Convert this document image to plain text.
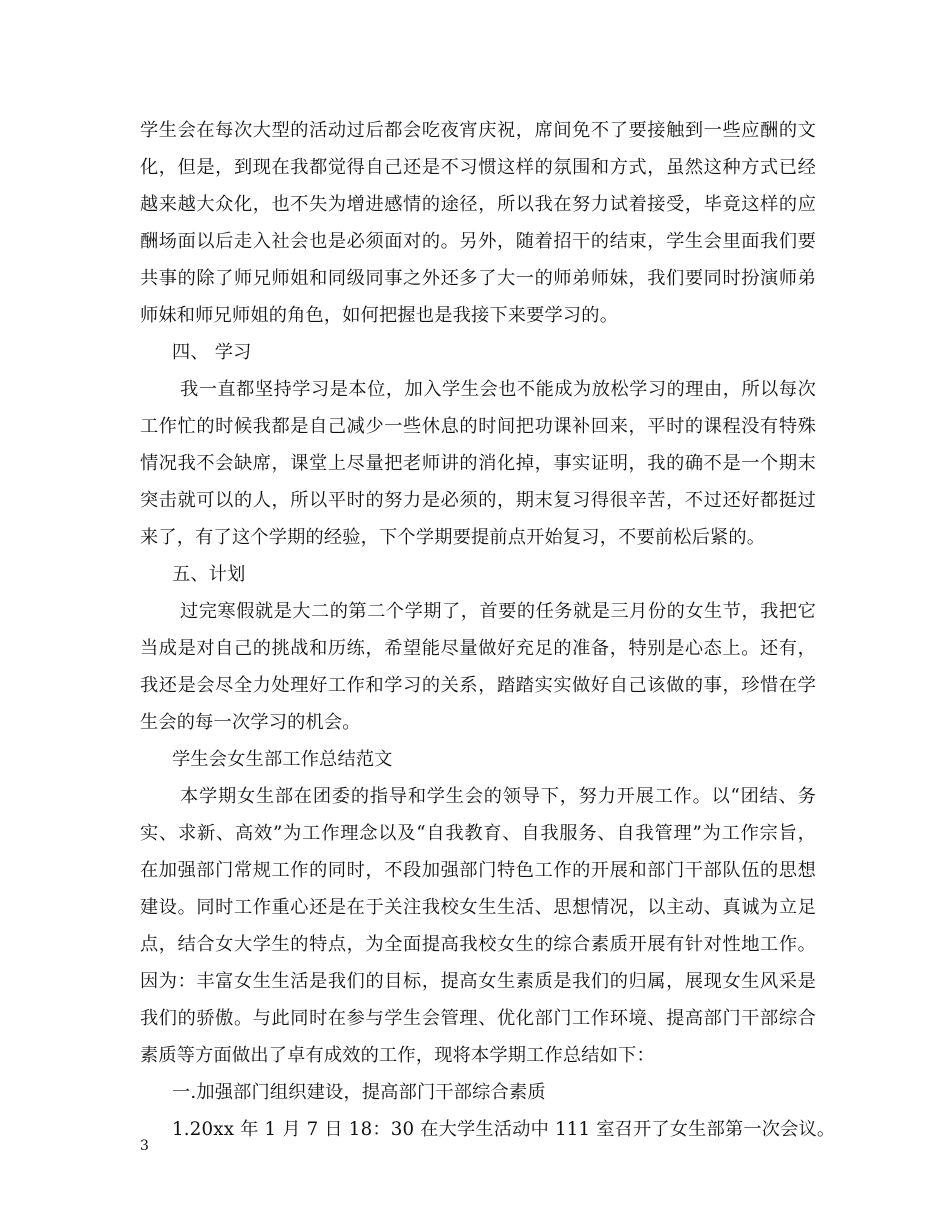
学生会在每次大型的活动过后都会吃夜宵庆祝，席间免不了要接触到一些应酬的文
化，但是，到现在我都觉得自己还是不习惯这样的氛围和方式，虽然这种方式已经
越来越大众化，也不失为增进感情的途径，所以我在努力试着接受，毕竟这样的应
酬场面以后走入社会也是必须面对的。另外，随着招干的结束，学生会里面我们要
共事的除了师兄师姐和同级同事之外还多了大一的师弟师妹，我们要同时扮演师弟
师妹和师兄师姐的角色，如何把握也是我接下来要学习的。
四、 学习
我一直都坚持学习是本位，加入学生会也不能成为放松学习的理由，所以每次
工作忙的时候我都是自己减少一些休息的时间把功课补回来，平时的课程没有特殊
情况我不会缺席，课堂上尽量把老师讲的消化掉，事实证明，我的确不是一个期末
突击就可以的人，所以平时的努力是必须的，期末复习得很辛苦，不过还好都挺过
来了，有了这个学期的经验，下个学期要提前点开始复习，不要前松后紧的。
五、计划
过完寒假就是大二的第二个学期了，首要的任务就是三月份的女生节，我把它
当成是对自己的挑战和历练，希望能尽量做好充足的准备，特别是心态上。还有，
我还是会尽全力处理好工作和学习的关系，踏踏实实做好自己该做的事，珍惜在学
生会的每一次学习的机会。
学生会女生部工作总结范文
本学期女生部在团委的指导和学生会的领导下，努力开展工作。以“团结、务
实、求新、高效”为工作理念以及“自我教育、自我服务、自我管理”为工作宗旨，
在加强部门常规工作的同时，不段加强部门特色工作的开展和部门干部队伍的思想
建设。同时工作重心还是在于关注我校女生生活、思想情况，以主动、真诚为立足
点，结合女大学生的特点，为全面提高我校女生的综合素质开展有针对性地工作。
因为：丰富女生生活是我们的目标，提高女生素质是我们的归属，展现女生风采是
我们的骄傲。与此同时在参与学生会管理、优化部门工作环境、提高部门干部综合
素质等方面做出了卓有成效的工作，现将本学期工作总结如下：
一.加强部门组织建设，提高部门干部综合素质
1.20xx 年 1 月 7 日 18：30 在大学生活动中 111 室召开了女生部第一次会议。
3
